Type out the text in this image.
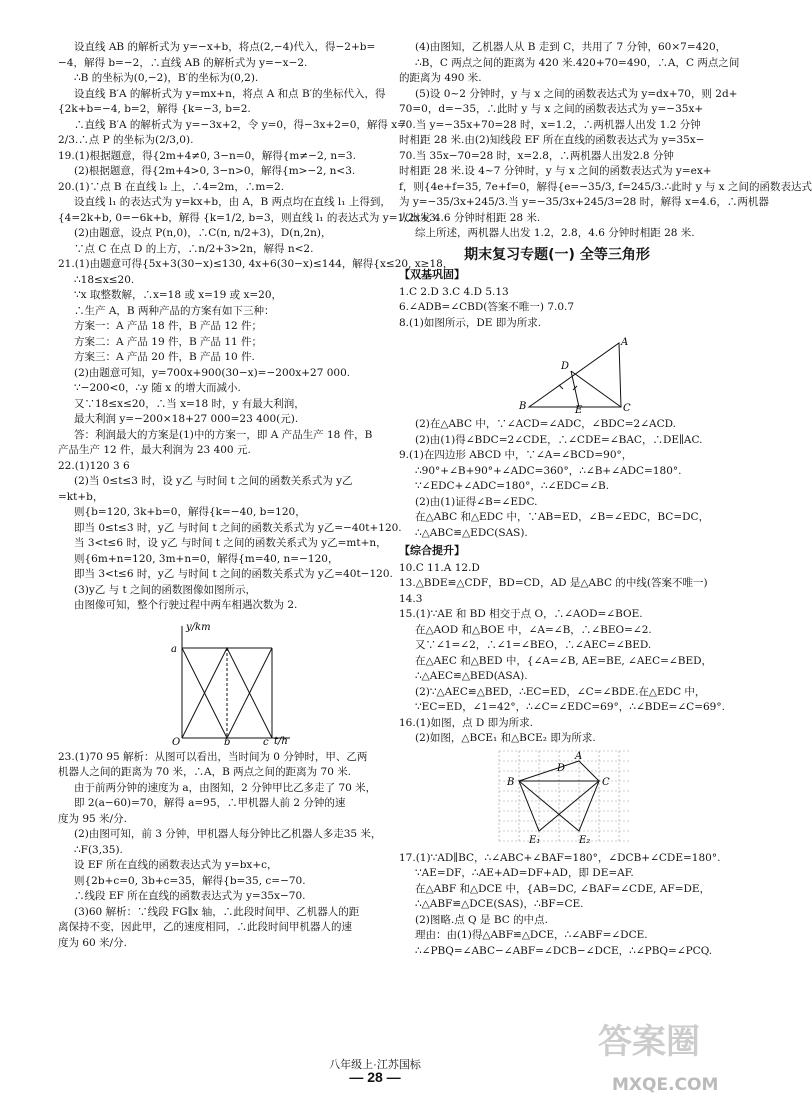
设直线 AB 的解析式为 y=−x+b，将点(2,−4)代入，得−2+b=
−4，解得 b=−2，∴直线 AB 的解析式为 y=−x−2.
∴B 的坐标为(0,−2)，B′的坐标为(0,2).
设直线 B′A 的解析式为 y=mx+n，将点 A 和点 B′的坐标代入，得
{2k+b=−4, b=2，解得 {k=−3, b=2.
∴直线 B′A 的解析式为 y=−3x+2，令 y=0，得−3x+2=0，解得 x=
2/3.∴点 P 的坐标为(2/3,0).
19.(1)根据题意，得{2m+4≠0, 3−n=0，解得{m≠−2, n=3.
(2)根据题意，得{2m+4>0, 3−n>0，解得{m>−2, n<3.
20.(1)∵点 B 在直线 l₂ 上，∴4=2m，∴m=2.
设直线 l₁ 的表达式为 y=kx+b，由 A，B 两点均在直线 l₁ 上得到，
{4=2k+b, 0=−6k+b，解得 {k=1/2, b=3，则直线 l₁ 的表达式为 y=1/2x+3.
(2)由题意，设点 P(n,0)，∴C(n, n/2+3)，D(n,2n)，
∵点 C 在点 D 的上方，∴n/2+3>2n，解得 n<2.
21.(1)由题意可得{5x+3(30−x)≤130, 4x+6(30−x)≤144，解得{x≤20, x≥18，
∴18≤x≤20.
∵x 取整数解，∴x=18 或 x=19 或 x=20，
∴生产 A，B 两种产品的方案有如下三种：
方案一：A 产品 18 件，B 产品 12 件；
方案二：A 产品 19 件，B 产品 11 件；
方案三：A 产品 20 件，B 产品 10 件.
(2)由题意可知，y=700x+900(30−x)=−200x+27 000.
∵−200<0，∴y 随 x 的增大而减小.
又∵18≤x≤20，∴当 x=18 时，y 有最大利润，
最大利润 y=−200×18+27 000=23 400(元).
答：利润最大的方案是(1)中的方案一，即 A 产品生产 18 件，B
产品生产 12 件，最大利润为 23 400 元.
22.(1)120 3 6
(2)当 0≤t≤3 时，设 y乙 与时间 t 之间的函数关系式为 y乙
=kt+b，
则{b=120, 3k+b=0，解得{k=−40, b=120，
即当 0≤t≤3 时，y乙 与时间 t 之间的函数关系式为 y乙=−40t+120.
当 3<t≤6 时，设 y乙 与时间 t 之间的函数关系式为 y乙=mt+n，
则{6m+n=120, 3m+n=0，解得{m=40, n=−120，
即当 3<t≤6 时，y乙 与时间 t 之间的函数关系式为 y乙=40t−120.
(3)y乙 与 t 之间的函数图像如图所示，
由图像可知，整个行驶过程中两车相遇次数为 2.
y/km
t/h
a
b	c
O
23.(1)70 95 解析：从图可以看出，当时间为 0 分钟时，甲、乙两
机器人之间的距离为 70 米，∴A，B 两点之间的距离为 70 米.
由于前两分钟的速度为 a，由图知，2 分钟甲比乙多走了 70 米，
即 2(a−60)=70，解得 a=95，∴甲机器人前 2 分钟的速
度为 95 米/分.
(2)由图可知，前 3 分钟，甲机器人每分钟比乙机器人多走35 米，
∴F(3,35).
设 EF 所在直线的函数表达式为 y=bx+c，
则{2b+c=0, 3b+c=35，解得{b=35, c=−70.
∴线段 EF 所在直线的函数表达式为 y=35x−70.
(3)60 解析：∵线段 FG∥x 轴，∴此段时间甲、乙机器人的距
离保持不变，因此甲，乙的速度相同，∴此段时间甲机器人的速
度为 60 米/分.
(4)由图知，乙机器人从 B 走到 C，共用了 7 分钟，60×7=420，
∴B，C 两点之间的距离为 420 米.420+70=490，∴A，C 两点之间
的距离为 490 米.
(5)设 0~2 分钟时，y 与 x 之间的函数表达式为 y=dx+70，则 2d+
70=0，d=−35，∴此时 y 与 x 之间的函数表达式为 y=−35x+
70.当 y=−35x+70=28 时，x=1.2，∴两机器人出发 1.2 分钟
时相距 28 米.由(2)知线段 EF 所在直线的函数表达式为 y=35x−
70.当 35x−70=28 时，x=2.8，∴两机器人出发2.8 分钟
时相距 28 米.设 4~7 分钟时，y 与 x 之间的函数表达式为 y=ex+
f，则{4e+f=35, 7e+f=0，解得{e=−35/3, f=245/3.∴此时 y 与 x 之间的函数表达式
为 y=−35/3x+245/3.当 y=−35/3x+245/3=28 时，解得 x=4.6，∴两机器
人出发 4.6 分钟时相距 28 米.
综上所述，两机器人出发 1.2，2.8，4.6 分钟时相距 28 米.
期末复习专题(一) 全等三角形
【双基巩固】
1.C 2.D 3.C 4.D 5.13
6.∠ADB=∠CBD(答案不唯一) 7.0.7
8.(1)如图所示，DE 即为所求.
A
B	C
D
E
(2)在△ABC 中，∵∠ACD=∠ADC，∠BDC=2∠ACD.
(2)由(1)得∠BDC=2∠CDE，∴∠CDE=∠BAC，∴DE∥AC.
9.(1)在四边形 ABCD 中，∵∠A=∠BCD=90°，
∴90°+∠B+90°+∠ADC=360°，∴∠B+∠ADC=180°.
∵∠EDC+∠ADC=180°，∴∠EDC=∠B.
(2)由(1)证得∠B=∠EDC.
在△ABC 和△EDC 中，∵AB=ED，∠B=∠EDC，BC=DC，
∴△ABC≌△EDC(SAS).
【综合提升】
10.C 11.A 12.D
13.△BDE≌△CDF，BD=CD，AD 是△ABC 的中线(答案不唯一)
14.3
15.(1)∵AE 和 BD 相交于点 O，∴∠AOD=∠BOE.
在△AOD 和△BOE 中，∠A=∠B，∴∠BEO=∠2.
又∵∠1=∠2，∴∠1=∠BEO，∴∠AEC=∠BED.
在△AEC 和△BED 中，{∠A=∠B, AE=BE, ∠AEC=∠BED，
∴△AEC≌△BED(ASA).
(2)∵△AEC≌△BED，∴EC=ED，∠C=∠BDE.在△EDC 中，
∵EC=ED，∠1=42°，∴∠C=∠EDC=69°，∴∠BDE=∠C=69°.
16.(1)如图，点 D 即为所求.
(2)如图，△BCE₁ 和△BCE₂ 即为所求.
A
B	C
D
E₁	E₂
17.(1)∵AD∥BC，∴∠ABC+∠BAF=180°，∠DCB+∠CDE=180°.
∵AE=DF，∴AE+AD=DF+AD，即 DE=AF.
在△ABF 和△DCE 中，{AB=DC, ∠BAF=∠CDE, AF=DE，
∴△ABF≌△DCE(SAS)，∴BF=CE.
(2)图略.点 Q 是 BC 的中点.
理由：由(1)得△ABF≌△DCE，∴∠ABF=∠DCE.
∴∠PBQ=∠ABC−∠ABF=∠DCB−∠DCE，∴∠PBQ=∠PCQ.
八年级上·江苏国标
— 28 —
答案圈
MXQE.COM
